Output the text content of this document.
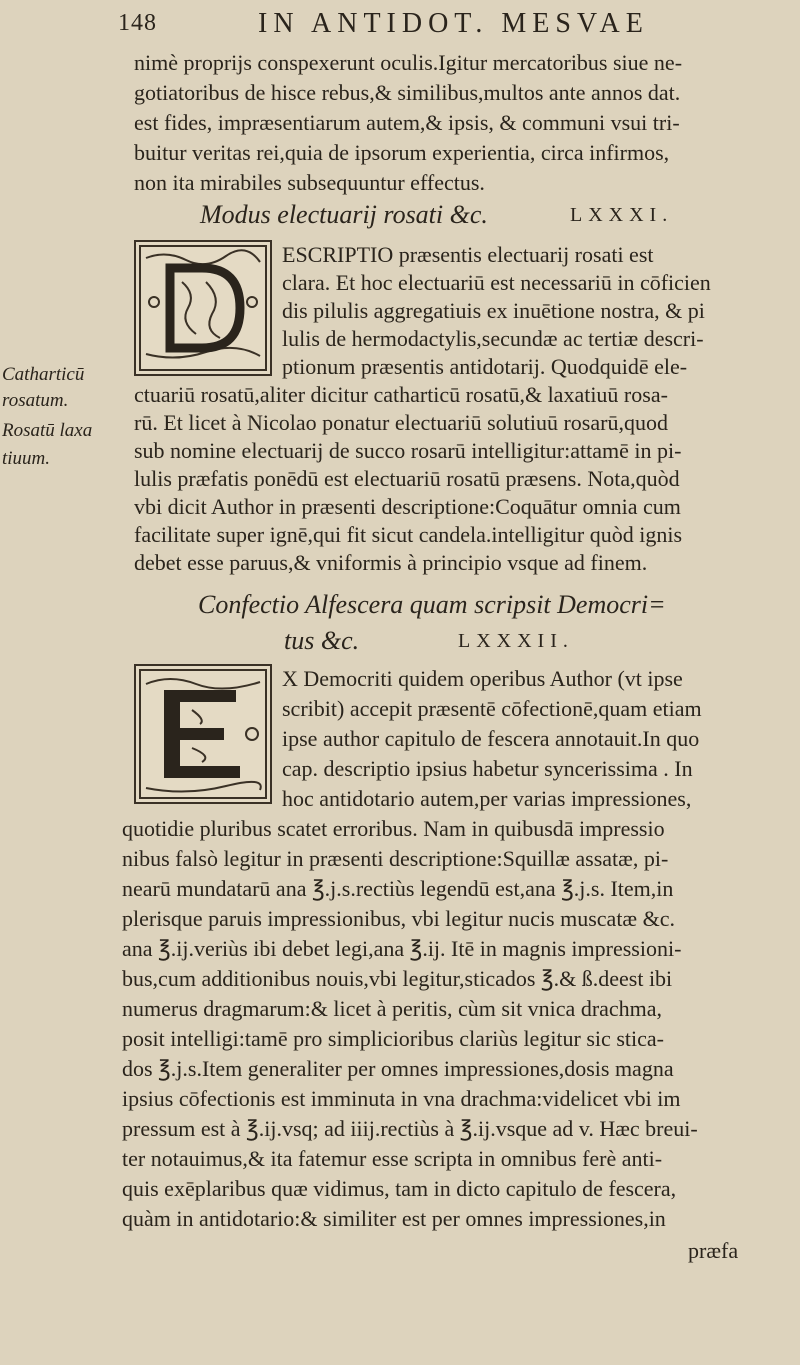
148	IN ANTIDOT. MESVAE
nimè proprijs conspexerunt oculis.Igitur mercatoribus siue ne-
gotiatoribus de hisce rebus,& similibus,multos ante annos dat.
est fides, impræsentiarum autem,& ipsis, & communi vsui tri-
buitur veritas rei,quia de ipsorum experientia, circa infirmos,
non ita mirabiles subsequuntur effectus.
Modus electuarij rosati &c.	LXXXI.
ESCRIPTIO præsentis electuarij rosati est
clara. Et hoc electuariū est necessariū in cōficien
dis pilulis aggregatiuis ex inuētione nostra, & pi
lulis de hermodactylis,secundæ ac tertiæ descri-
ptionum præsentis antidotarij. Quodquidē ele-
ctuariū rosatū,aliter dicitur catharticū rosatū,& laxatiuū rosa-
rū. Et licet à Nicolao ponatur electuariū solutiuū rosarū,quod
sub nomine electuarij de succo rosarū intelligitur:attamē in pi-
lulis præfatis ponēdū est electuariū rosatū præsens. Nota,quòd
vbi dicit Author in præsenti descriptione:Coquātur omnia cum
facilitate super ignē,qui fit sicut candela.intelligitur quòd ignis
debet esse paruus,& vniformis à principio vsque ad finem.
Catharticū
rosatum.
Rosatū laxa
tiuum.
Confectio Alfescera quam scripsit Democri=
tus &c.	LXXXII.
X Democriti quidem operibus Author (vt ipse
scribit) accepit præsentē cōfectionē,quam etiam
ipse author capitulo de fescera annotauit.In quo
cap. descriptio ipsius habetur syncerissima . In
hoc antidotario autem,per varias impressiones,
quotidie pluribus scatet erroribus. Nam in quibusdā impressio
nibus falsò legitur in præsenti descriptione:Squillæ assatæ, pi-
nearū mundatarū ana ℥.j.s.rectiùs legendū est,ana ℥.j.s. Item,in
plerisque paruis impressionibus, vbi legitur nucis muscatæ &c.
ana ℥.ij.veriùs ibi debet legi,ana ℥.ij. Itē in magnis impressioni-
bus,cum additionibus nouis,vbi legitur,sticados ℥.& ß.deest ibi
numerus dragmarum:& licet à peritis, cùm sit vnica drachma,
posit intelligi:tamē pro simplicioribus clariùs legitur sic stica-
dos ℥.j.s.Item generaliter per omnes impressiones,dosis magna
ipsius cōfectionis est imminuta in vna drachma:videlicet vbi im
pressum est à ℥.ij.vsq; ad iiij.rectiùs à ℥.ij.vsque ad v. Hæc breui-
ter notauimus,& ita fatemur esse scripta in omnibus ferè anti-
quis exēplaribus quæ vidimus, tam in dicto capitulo de fescera,
quàm in antidotario:& similiter est per omnes impressiones,in
præfa
